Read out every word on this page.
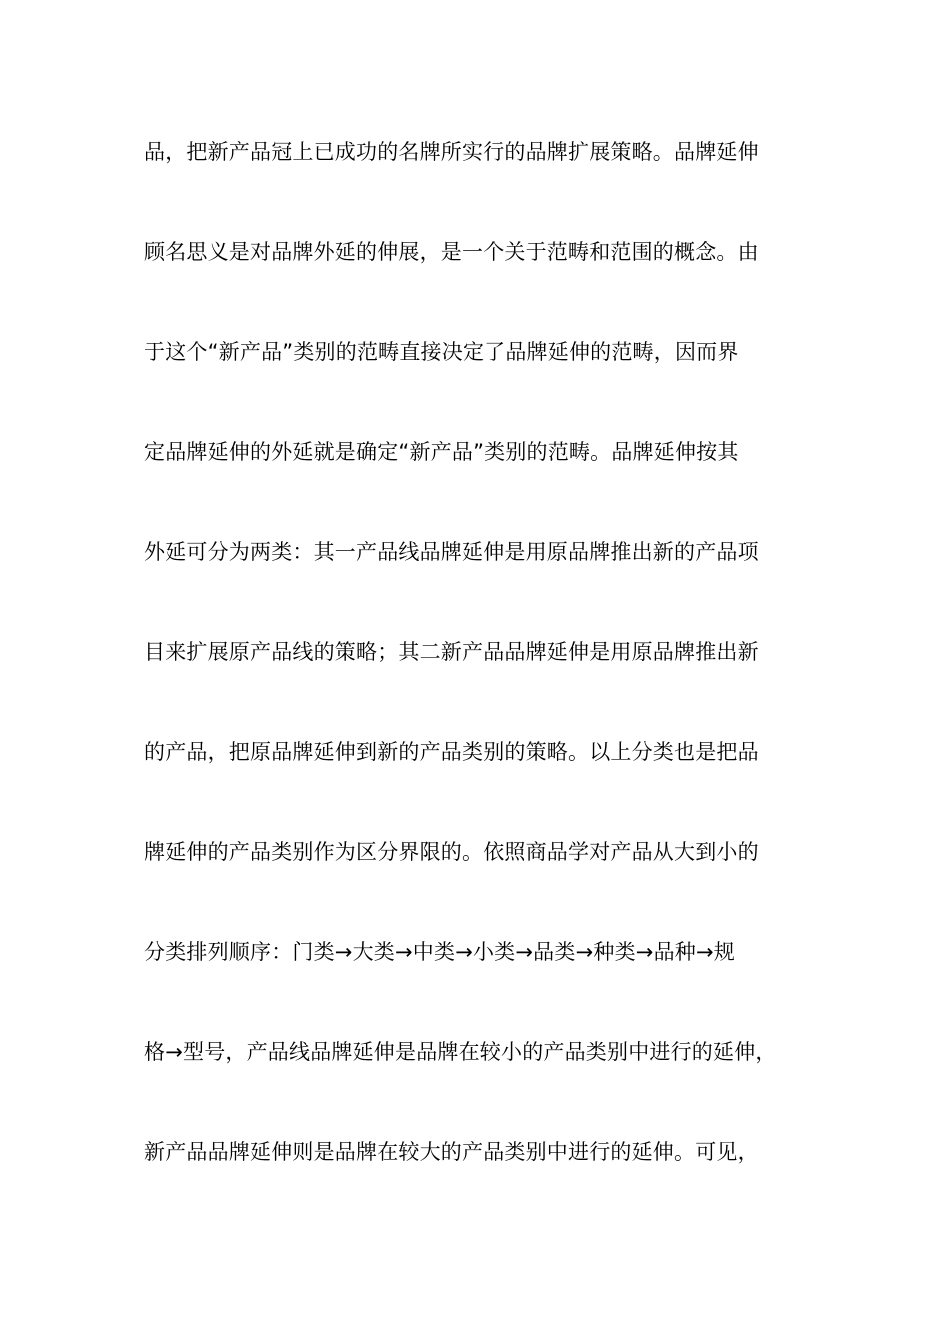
品，把新产品冠上已成功的名牌所实行的品牌扩展策略。品牌延伸
顾名思义是对品牌外延的伸展，是一个关于范畴和范围的概念。由
于这个“新产品”类别的范畴直接决定了品牌延伸的范畴，因而界
定品牌延伸的外延就是确定“新产品”类别的范畴。品牌延伸按其
外延可分为两类：其一产品线品牌延伸是用原品牌推出新的产品项
目来扩展原产品线的策略；其二新产品品牌延伸是用原品牌推出新
的产品，把原品牌延伸到新的产品类别的策略。以上分类也是把品
牌延伸的产品类别作为区分界限的。依照商品学对产品从大到小的
分类排列顺序：门类→大类→中类→小类→品类→种类→品种→规
格→型号，产品线品牌延伸是品牌在较小的产品类别中进行的延伸，
新产品品牌延伸则是品牌在较大的产品类别中进行的延伸。可见，
